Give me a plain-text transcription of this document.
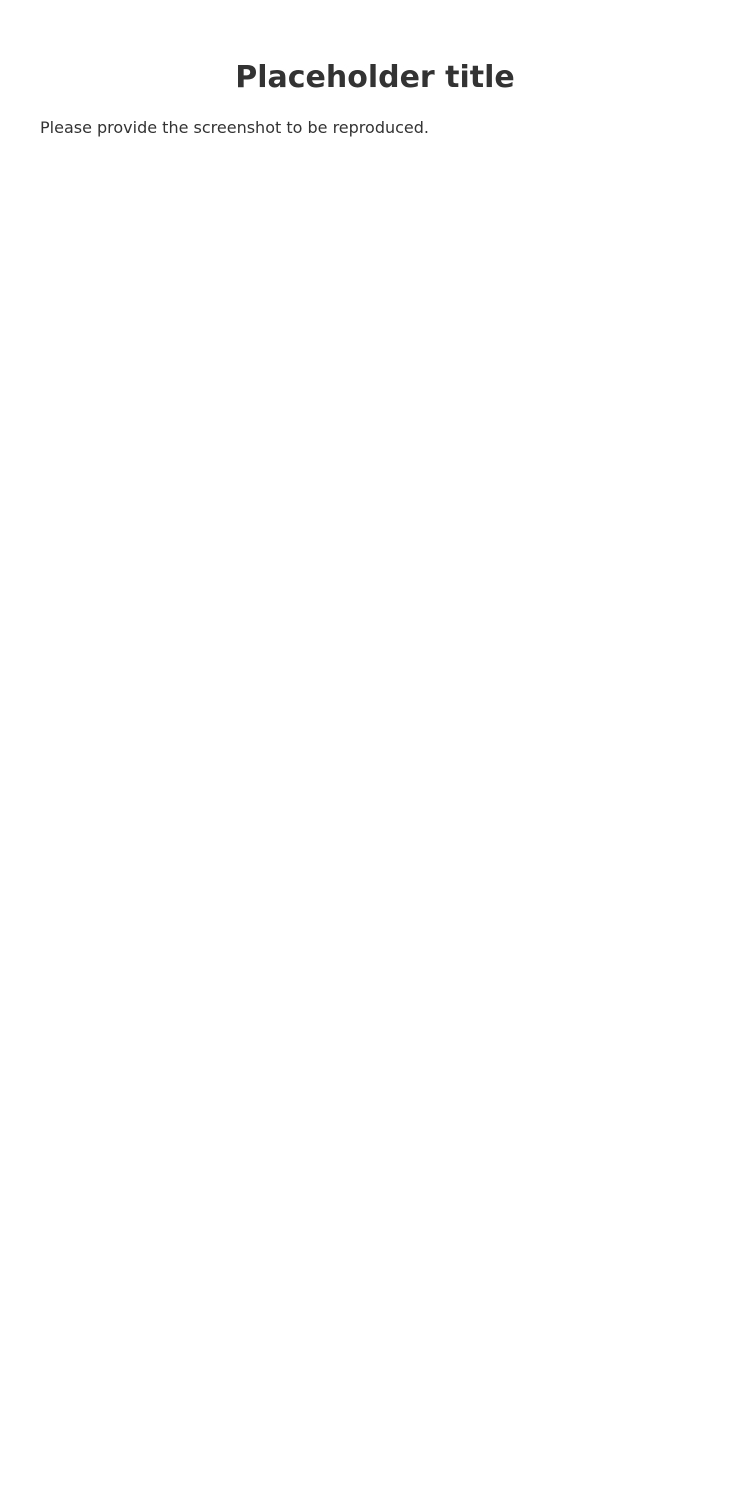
Placeholder title

Please provide the screenshot to be reproduced.
